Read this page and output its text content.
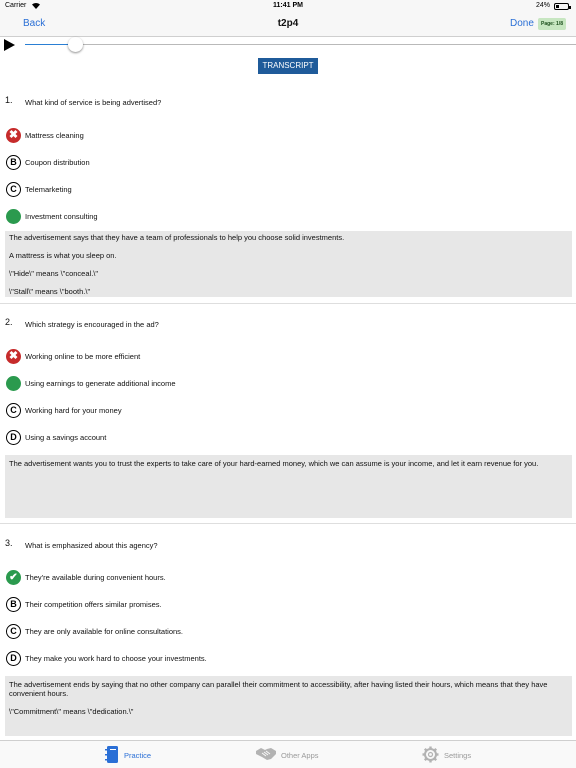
Carrier	11:41 PM	24%
Back	t2p4	Done	Page: 1/8
TRANSCRIPT
1. What kind of service is being advertised?
✖ Mattress cleaning
B	Coupon distribution
C	Telemarketing
Investment consulting

The advertisement says that they have a team of professionals to help you choose solid investments.

A mattress is what you sleep on.

\"Hide\" means \"conceal.\"

\"Stall\" means \"booth.\"

2. Which strategy is encouraged in the ad?
✖ Working online to be more efficient
Using earnings to generate additional income
C	Working hard for your money
D	Using a savings account

The advertisement wants you to trust the experts to take care of your hard-earned money, which we can assume is your income, and let it earn revenue for you.

3. What is emphasized about this agency?
✔ They're available during convenient hours.
B	Their competition offers similar promises.
C	They are only available for online consultations.
D	They make you work hard to choose your investments.

The advertisement ends by saying that no other company can parallel their commitment to accessibility, after having listed their hours, which means that they have convenient hours.

\"Commitment\" means \"dedication.\"

Practice	Other Apps	Settings
